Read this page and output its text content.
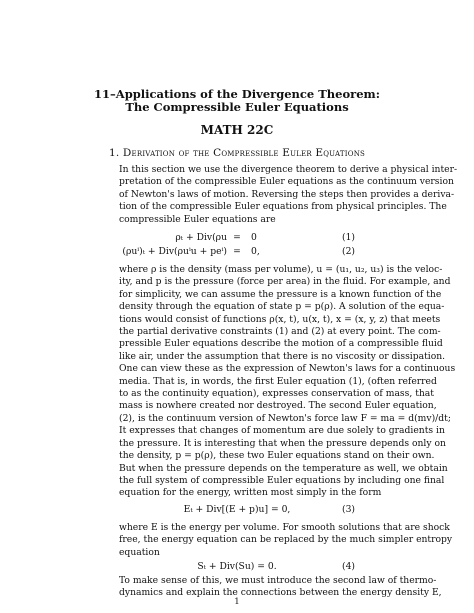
11–Applications of the Divergence Theorem:
The Compressible Euler Equations
MATH 22C
1. Derivation of the Compressible Euler Equations
In this section we use the divergence theorem to derive a physical inter-
pretation of the compressible Euler equations as the continuum version
of Newton's laws of motion. Reversing the steps then provides a deriva-
tion of the compressible Euler equations from physical principles. The
compressible Euler equations are
ρₜ + Div(ρu =	0	(1)
(ρuⁱ)ₜ + Div(ρuⁱu + peⁱ) =	0,	(2)
where ρ is the density (mass per volume), u = (u₁, u₂, u₃) is the veloc-
ity, and p is the pressure (force per area) in the fluid. For example, and
for simplicity, we can assume the pressure is a known function of the
density through the equation of state p = p(ρ). A solution of the equa-
tions would consist of functions ρ(x, t), u(x, t), x = (x, y, z) that meets
the partial derivative constraints (1) and (2) at every point. The com-
pressible Euler equations describe the motion of a compressible fluid
like air, under the assumption that there is no viscosity or dissipation.
One can view these as the expression of Newton's laws for a continuous
media. That is, in words, the first Euler equation (1), (often referred
to as the continuity equation), expresses conservation of mass, that
mass is nowhere created nor destroyed. The second Euler equation,
(2), is the continuum version of Newton's force law F = ma = d(mv)/dt;
It expresses that changes of momentum are due solely to gradients in
the pressure. It is interesting that when the pressure depends only on
the density, p = p(ρ), these two Euler equations stand on their own.
But when the pressure depends on the temperature as well, we obtain
the full system of compressible Euler equations by including one final
equation for the energy, written most simply in the form
Eₜ + Div[(E + p)u] = 0,	(3)
where E is the energy per volume. For smooth solutions that are shock
free, the energy equation can be replaced by the much simpler entropy
equation
Sₜ + Div(Su) = 0.	(4)
To make sense of this, we must introduce the second law of thermo-
dynamics and explain the connections between the energy density E,
1
